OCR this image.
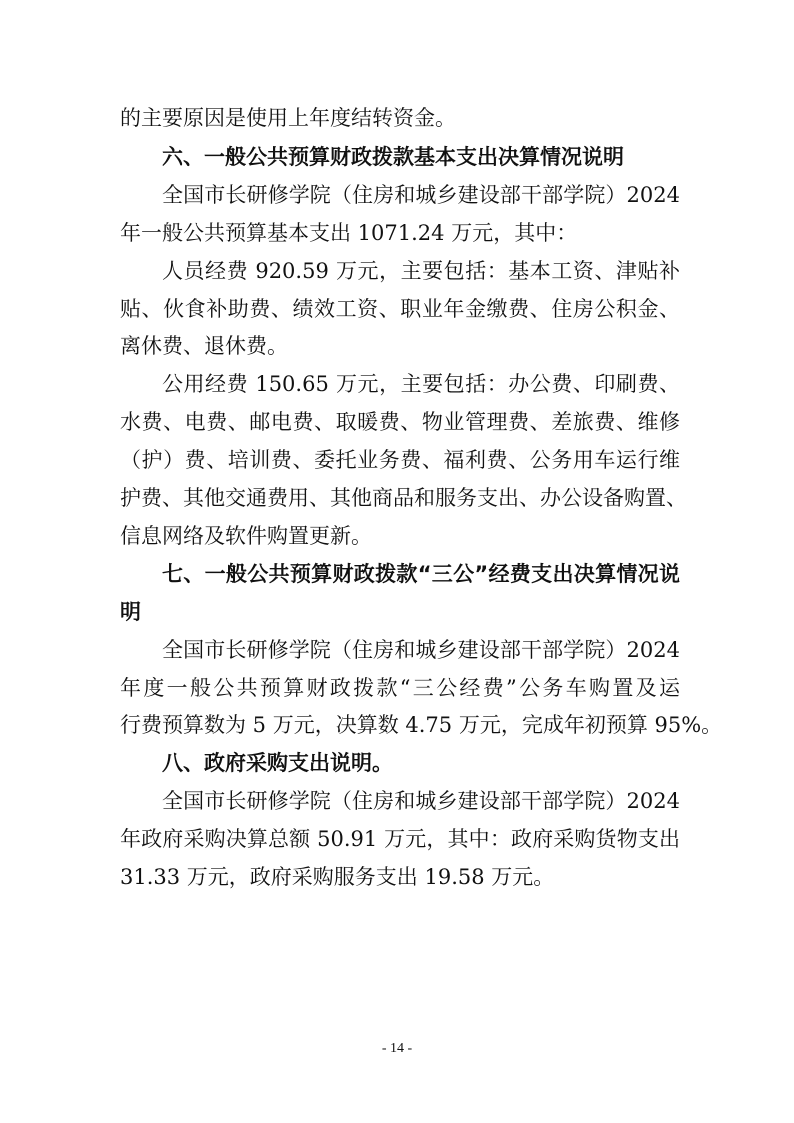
的主要原因是使用上年度结转资金。
六、一般公共预算财政拨款基本支出决算情况说明
全国市长研修学院（住房和城乡建设部干部学院）2024
年一般公共预算基本支出 1071.24 万元，其中：
人员经费 920.59 万元，主要包括：基本工资、津贴补
贴、伙食补助费、绩效工资、职业年金缴费、住房公积金、
离休费、退休费。
公用经费 150.65 万元，主要包括：办公费、印刷费、
水费、电费、邮电费、取暖费、物业管理费、差旅费、维修
（护）费、培训费、委托业务费、福利费、公务用车运行维
护费、其他交通费用、其他商品和服务支出、办公设备购置、
信息网络及软件购置更新。
七、一般公共预算财政拨款“三公”经费支出决算情况说
明
全国市长研修学院（住房和城乡建设部干部学院）2024
年度一般公共预算财政拨款“三公经费”公务车购置及运
行费预算数为 5 万元，决算数 4.75 万元，完成年初预算 95%。
八、政府采购支出说明。
全国市长研修学院（住房和城乡建设部干部学院）2024
年政府采购决算总额 50.91 万元，其中：政府采购货物支出
31.33 万元，政府采购服务支出 19.58 万元。
- 14 -
